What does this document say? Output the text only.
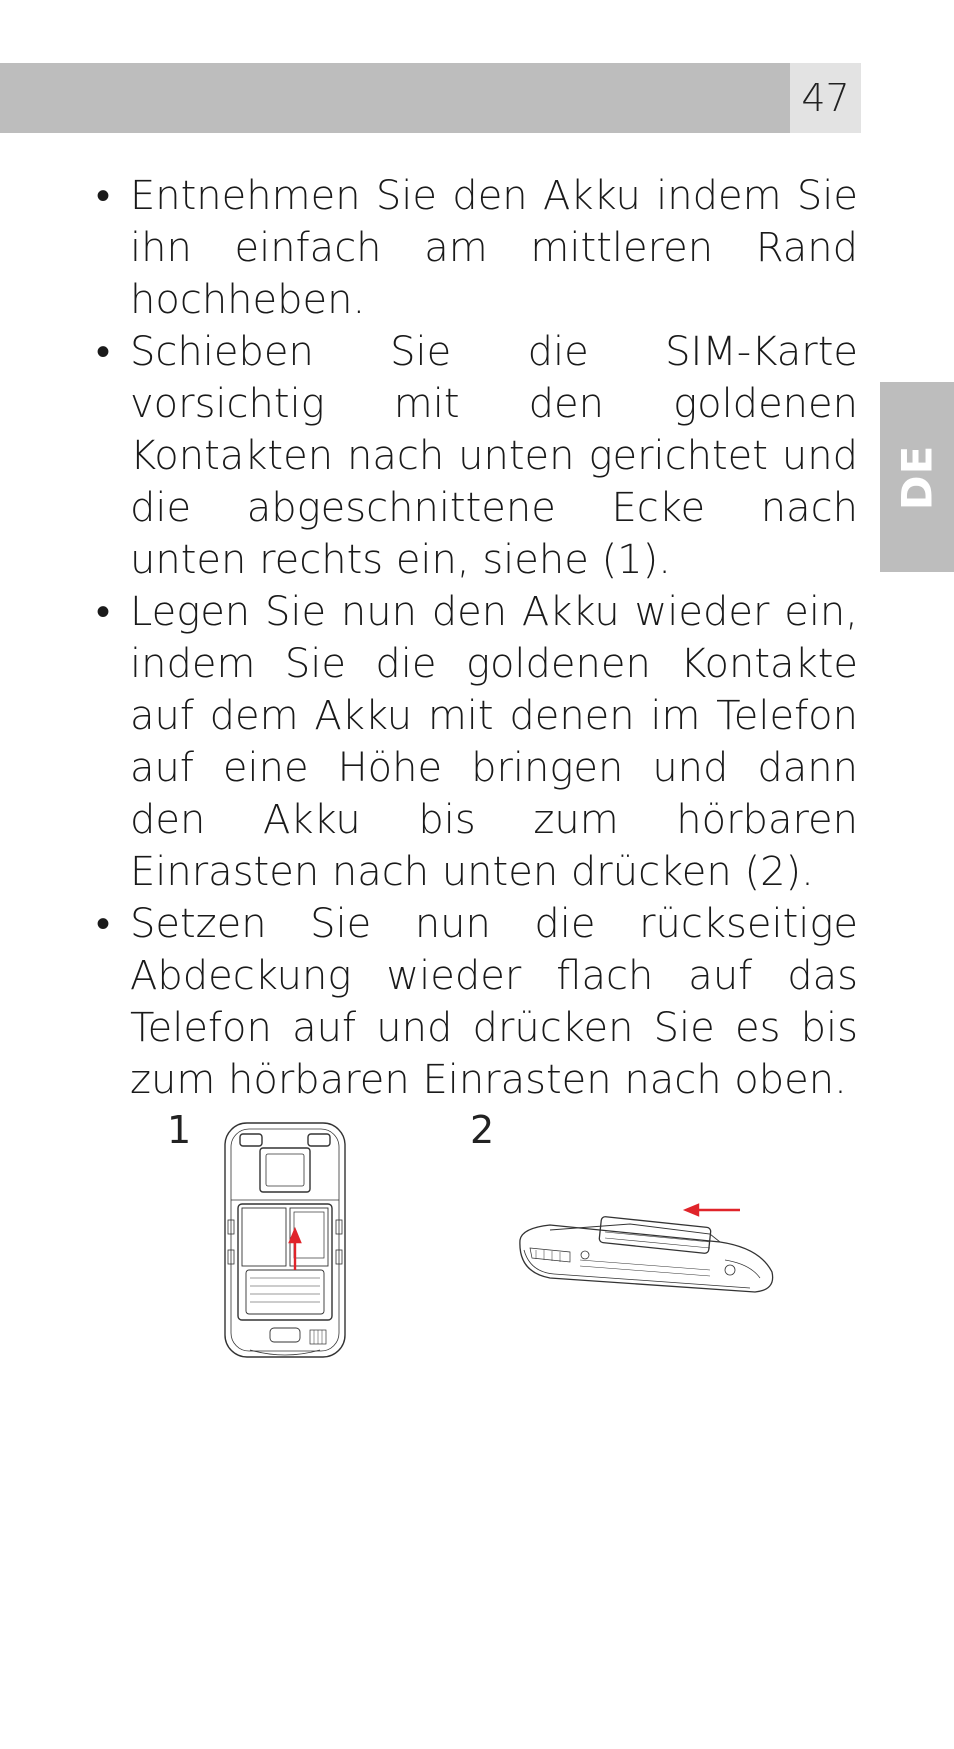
47
DE
• Entnehmen Sie den Akku indem Sie ihn einfach am mittleren Rand hochheben.
• Schieben Sie die SIM-Karte vorsichtig mit den goldenen Kontakten nach unten gerichtet und die abgeschnittene Ecke nach unten rechts ein, siehe (1).
• Legen Sie nun den Akku wieder ein, indem Sie die goldenen Kontakte auf dem Akku mit denen im Telefon auf eine Höhe bringen und dann den Akku bis zum hörbaren Einrasten nach unten drücken (2).
• Setzen Sie nun die rückseitige Abdeckung wieder flach auf das Telefon auf und drücken Sie es bis zum hörbaren Einrasten nach oben.
1	2
